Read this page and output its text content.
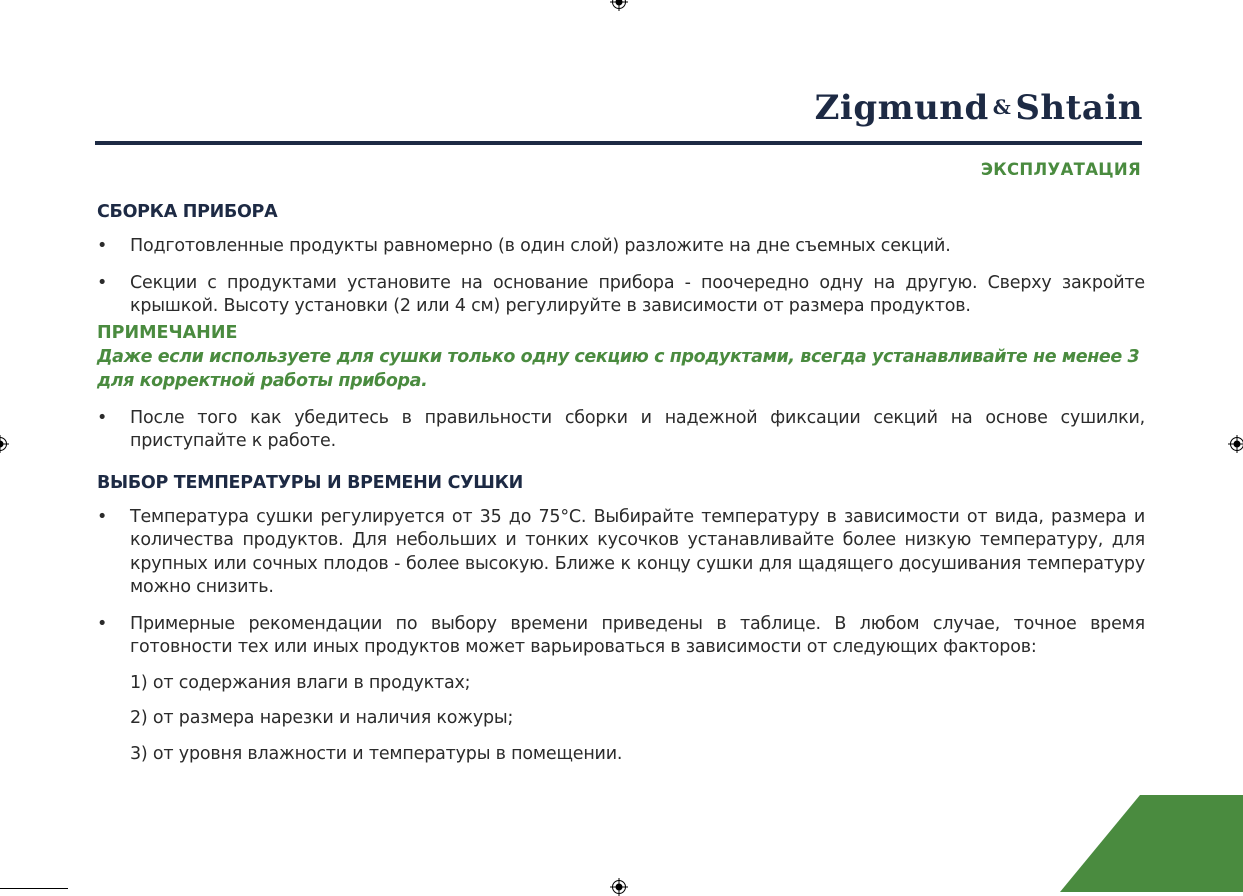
Zigmund & Shtain
ЭКСПЛУАТАЦИЯ
СБОРКА ПРИБОРА
• Подготовленные продукты равномерно (в один слой) разложите на дне съемных секций.
• Секции с продуктами установите на основание прибора - поочередно одну на другую. Сверху закройте крышкой. Высоту установки (2 или 4 см) регулируйте в зависимости от размера продуктов.
ПРИМЕЧАНИЕ
Даже если используете для сушки только одну секцию с продуктами, всегда устанавливайте не менее 3 для корректной работы прибора.
• После того как убедитесь в правильности сборки и надежной фиксации секций на основе сушилки, приступайте к работе.
ВЫБОР ТЕМПЕРАТУРЫ И ВРЕМЕНИ СУШКИ
• Температура сушки регулируется от 35 до 75°С. Выбирайте температуру в зависимости от вида, размера и количества продуктов. Для небольших и тонких кусочков устанавливайте более низкую температуру, для крупных или сочных плодов - более высокую. Ближе к концу сушки для щадящего досушивания температуру можно снизить.
• Примерные рекомендации по выбору времени приведены в таблице. В любом случае, точное время готовности тех или иных продуктов может варьироваться в зависимости от следующих факторов:
1) от содержания влаги в продуктах;
2) от размера нарезки и наличия кожуры;
3) от уровня влажности и температуры в помещении.
